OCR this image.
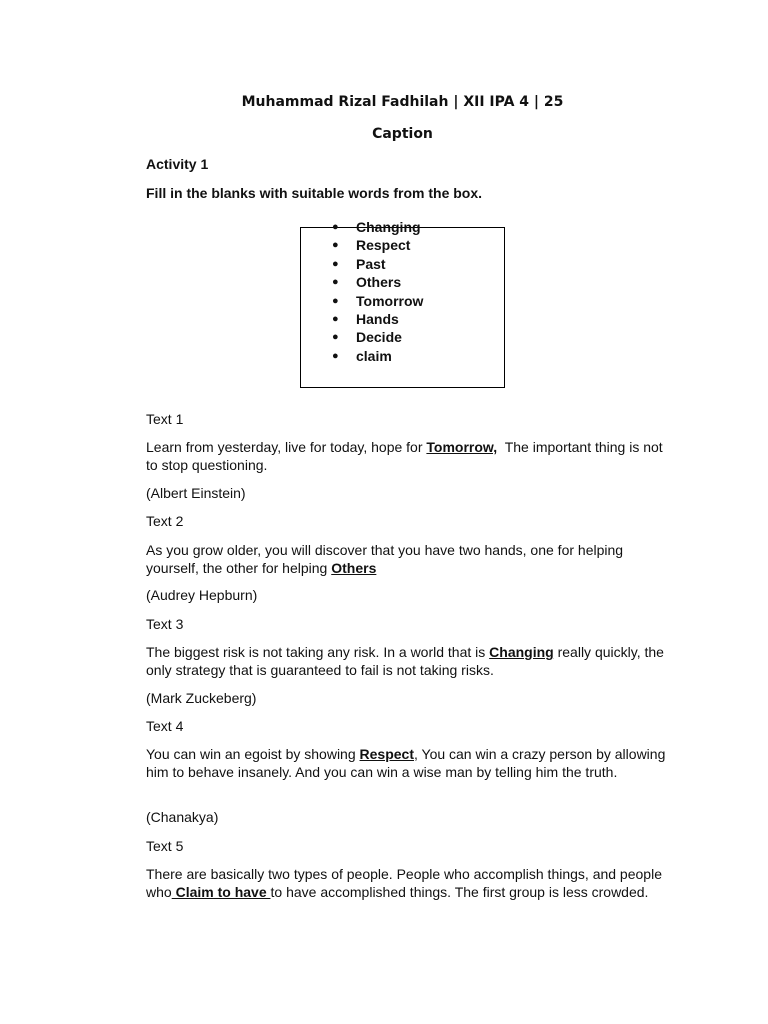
Muhammad Rizal Fadhilah | XII IPA 4 | 25
Caption
Activity 1
Fill in the blanks with suitable words from the box.
● Changing
● Respect
● Past
● Others
● Tomorrow
● Hands
● Decide
● claim
Text 1
Learn from yesterday, live for today, hope for Tomorrow,  The important thing is not to stop questioning.
(Albert Einstein)
Text 2
As you grow older, you will discover that you have two hands, one for helping yourself, the other for helping Others
(Audrey Hepburn)
Text 3
The biggest risk is not taking any risk. In a world that is Changing really quickly, the only strategy that is guaranteed to fail is not taking risks.
(Mark Zuckeberg)
Text 4
You can win an egoist by showing Respect, You can win a crazy person by allowing him to behave insanely. And you can win a wise man by telling him the truth.
(Chanakya)
Text 5
There are basically two types of people. People who accomplish things, and people who Claim to have to have accomplished things. The first group is less crowded.
